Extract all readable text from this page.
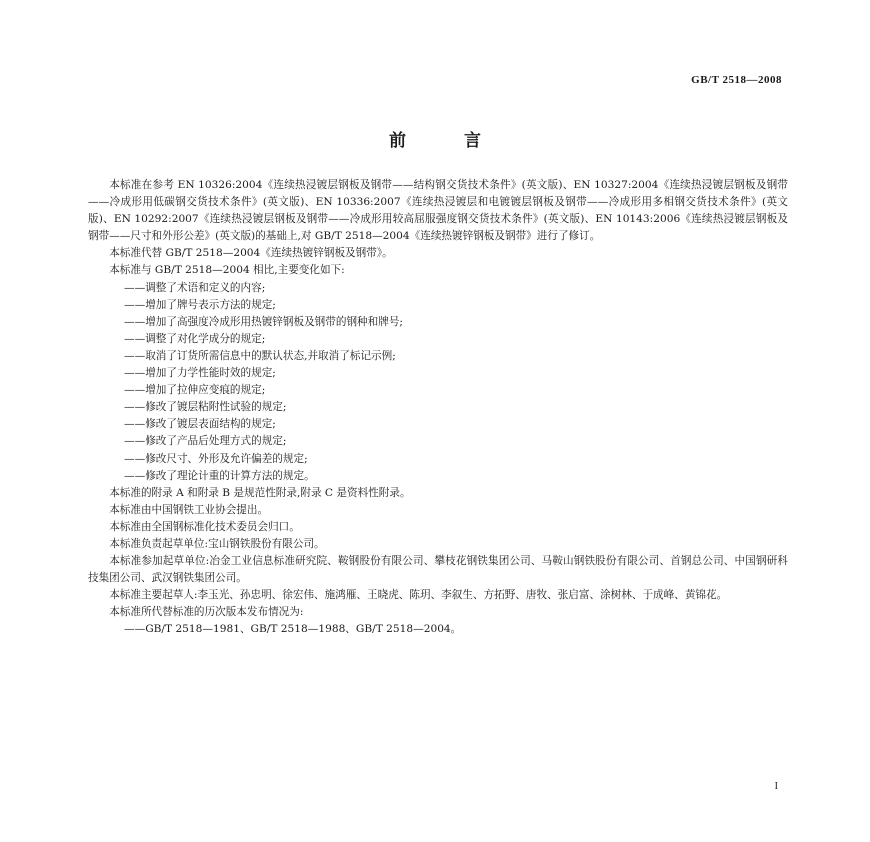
GB/T 2518—2008
前	言

本标准在参考 EN 10326:2004《连续热浸镀层钢板及钢带——结构钢交货技术条件》(英文版)、EN 10327:2004《连续热浸镀层钢板及钢带——冷成形用低碳钢交货技术条件》(英文版)、EN 10336:2007《连续热浸镀层和电镀镀层钢板及钢带——冷成形用多相钢交货技术条件》(英文版)、EN 10292:2007《连续热浸镀层钢板及钢带——冷成形用较高屈服强度钢交货技术条件》(英文版)、EN 10143:2006《连续热浸镀层钢板及钢带——尺寸和外形公差》(英文版)的基础上,对 GB/T 2518—2004《连续热镀锌钢板及钢带》进行了修订。

本标准代替 GB/T 2518—2004《连续热镀锌钢板及钢带》。

本标准与 GB/T 2518—2004 相比,主要变化如下:

——调整了术语和定义的内容;

——增加了牌号表示方法的规定;

——增加了高强度冷成形用热镀锌钢板及钢带的钢种和牌号;

——调整了对化学成分的规定;

——取消了订货所需信息中的默认状态,并取消了标记示例;

——增加了力学性能时效的规定;

——增加了拉伸应变痕的规定;

——修改了镀层粘附性试验的规定;

——修改了镀层表面结构的规定;

——修改了产品后处理方式的规定;

——修改尺寸、外形及允许偏差的规定;

——修改了理论计重的计算方法的规定。

本标准的附录 A 和附录 B 是规范性附录,附录 C 是资料性附录。

本标准由中国钢铁工业协会提出。

本标准由全国钢标准化技术委员会归口。

本标准负责起草单位:宝山钢铁股份有限公司。

本标准参加起草单位:冶金工业信息标准研究院、鞍钢股份有限公司、攀枝花钢铁集团公司、马鞍山钢铁股份有限公司、首钢总公司、中国钢研科技集团公司、武汉钢铁集团公司。

本标准主要起草人:李玉光、孙忠明、徐宏伟、施鸿雁、王晓虎、陈玥、李叙生、方拓野、唐牧、张启富、涂树林、于成峰、黄锦花。

本标准所代替标准的历次版本发布情况为:

——GB/T 2518—1981、GB/T 2518—1988、GB/T 2518—2004。

I
